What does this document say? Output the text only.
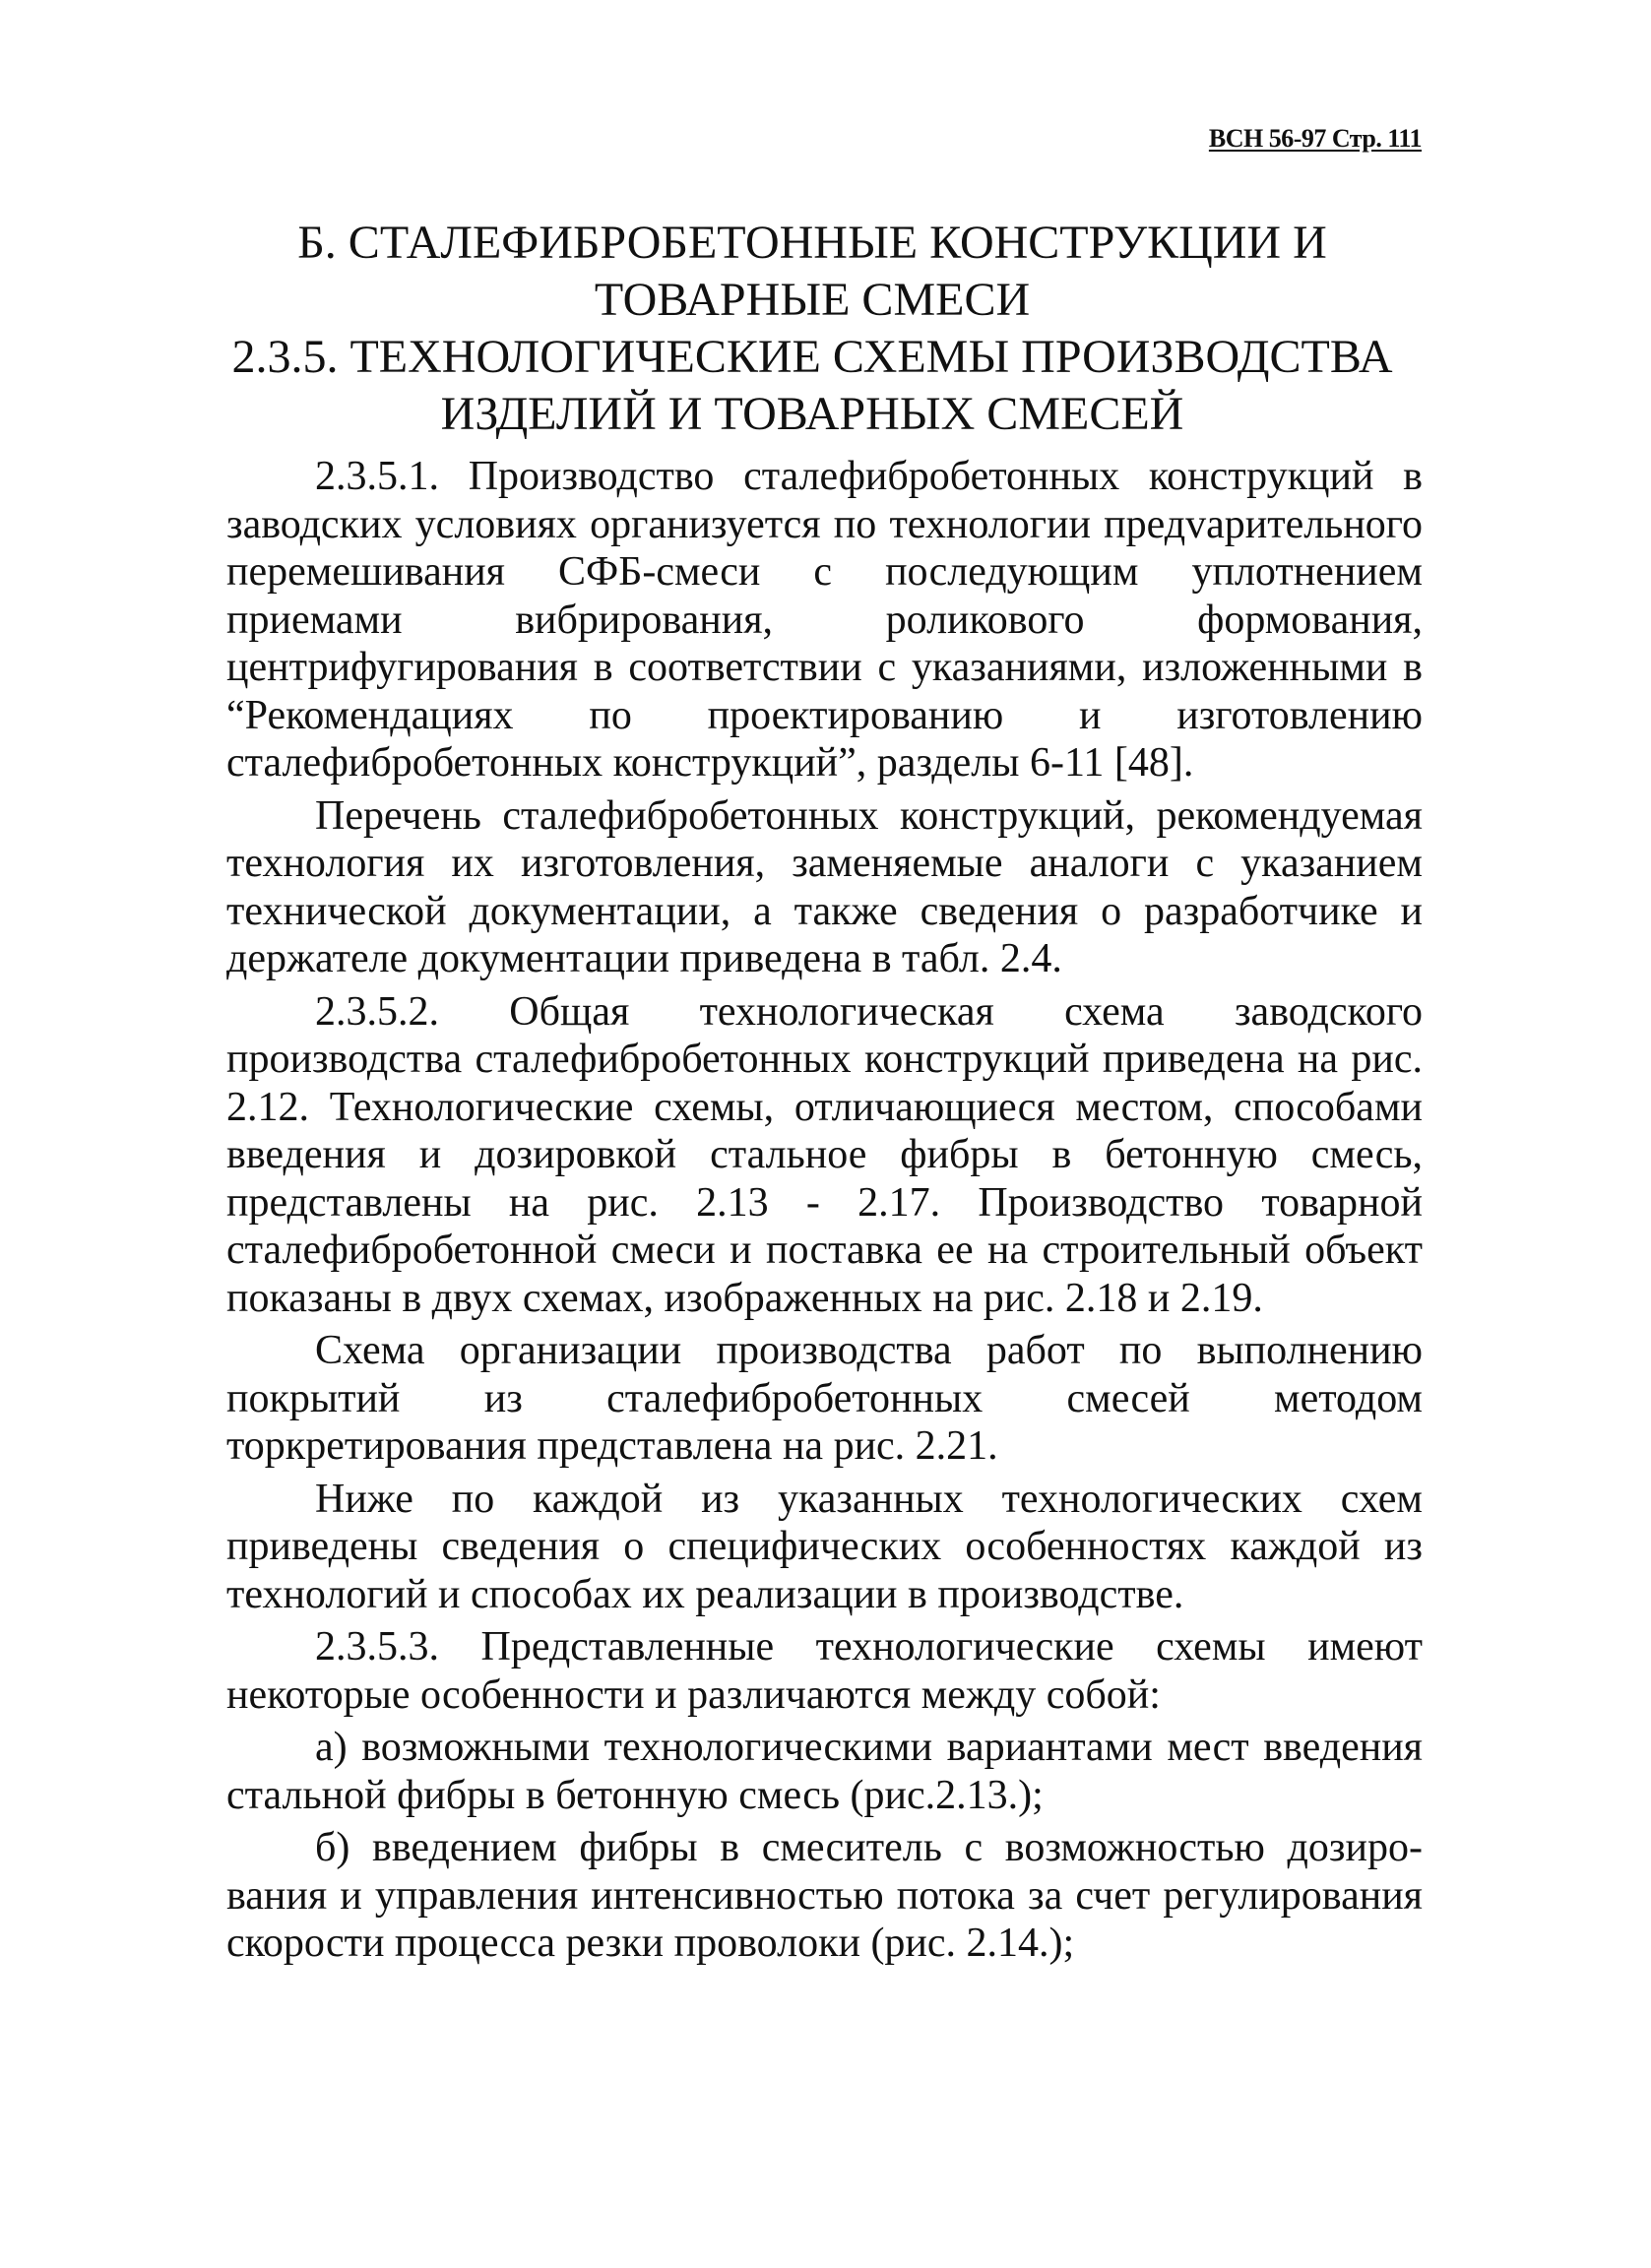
ВСН 56-97 Стр. 111
Б. СТАЛЕФИБРОБЕТОННЫЕ КОНСТРУКЦИИ И
ТОВАРНЫЕ СМЕСИ
2.3.5. ТЕХНОЛОГИЧЕСКИЕ СХЕМЫ ПРОИЗВОДСТВА
ИЗДЕЛИЙ И ТОВАРНЫХ СМЕСЕЙ

2.3.5.1. Производство сталефибробетонных конструкций в заводских условиях организуется по технологии предvарительного перемешивания СФБ-смеси с последующим уплотнением приемами вибрирования, роликового формования, центрифугирования в соответствии с указаниями, изложенными в “Рекомендациях по проектированию и изготовлению сталефибробетонных конструкций”, разделы 6-11 [48].

Перечень сталефибробетонных конструкций, рекомендуемая технология их изготовления, заменяемые аналоги с указанием технической документации, а также сведения о разработчике и держателе документации приведена в табл. 2.4.

2.3.5.2. Общая технологическая схема заводского производства сталефибробетонных конструкций приведена на рис. 2.12. Технологические схемы, отличающиеся местом, способами введения и дозировкой стальное фибры в бетонную смесь, представлены на рис. 2.13 - 2.17. Производство товарной сталефибробетонной смеси и поставка ее на строительный объект показаны в двух схемах, изображенных на рис. 2.18 и 2.19.

Схема организации производства работ по выполнению покрытий из сталефибробетонных смесей методом торкретирования представлена на рис. 2.21.

Ниже по каждой из указанных технологических схем приведены сведения о специфических особенностях каждой из технологий и способах их реализации в производстве.

2.3.5.3. Представленные технологические схемы имеют некоторые особенности и различаются между собой:

а) возможными технологическими вариантами мест введения стальной фибры в бетонную смесь (рис.2.13.);

б) введением фибры в смеситель с возможностью дозирования и управления интенсивностью потока за счет регулирования скорости процесса резки проволоки (рис. 2.14.);
